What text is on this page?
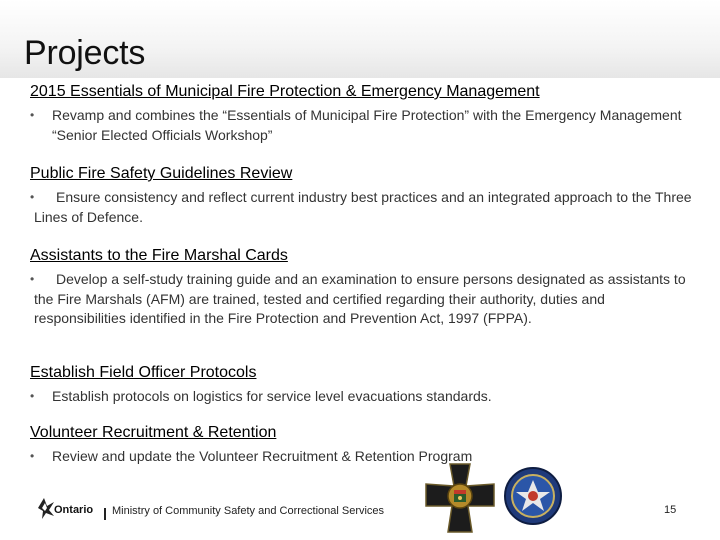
Projects
2015 Essentials of Municipal Fire Protection & Emergency Management
•	Revamp and combines the “Essentials of Municipal Fire Protection” with the Emergency Management “Senior Elected Officials Workshop”
Public Fire Safety Guidelines Review
•	Ensure consistency and reflect current industry best practices and an integrated approach to the Three Lines of Defence.
Assistants to the Fire Marshal Cards
•	Develop a self-study training guide and an examination to ensure persons designated as assistants to the Fire Marshals (AFM) are trained, tested and certified regarding their authority, duties and responsibilities identified in the Fire Protection and Prevention Act, 1997 (FPPA).
Establish Field Officer Protocols
•	Establish protocols on logistics for service level evacuations standards.
Volunteer Recruitment & Retention
•	Review and update the Volunteer Recruitment & Retention Program
Ontario Ministry of Community Safety and Correctional Services	15
